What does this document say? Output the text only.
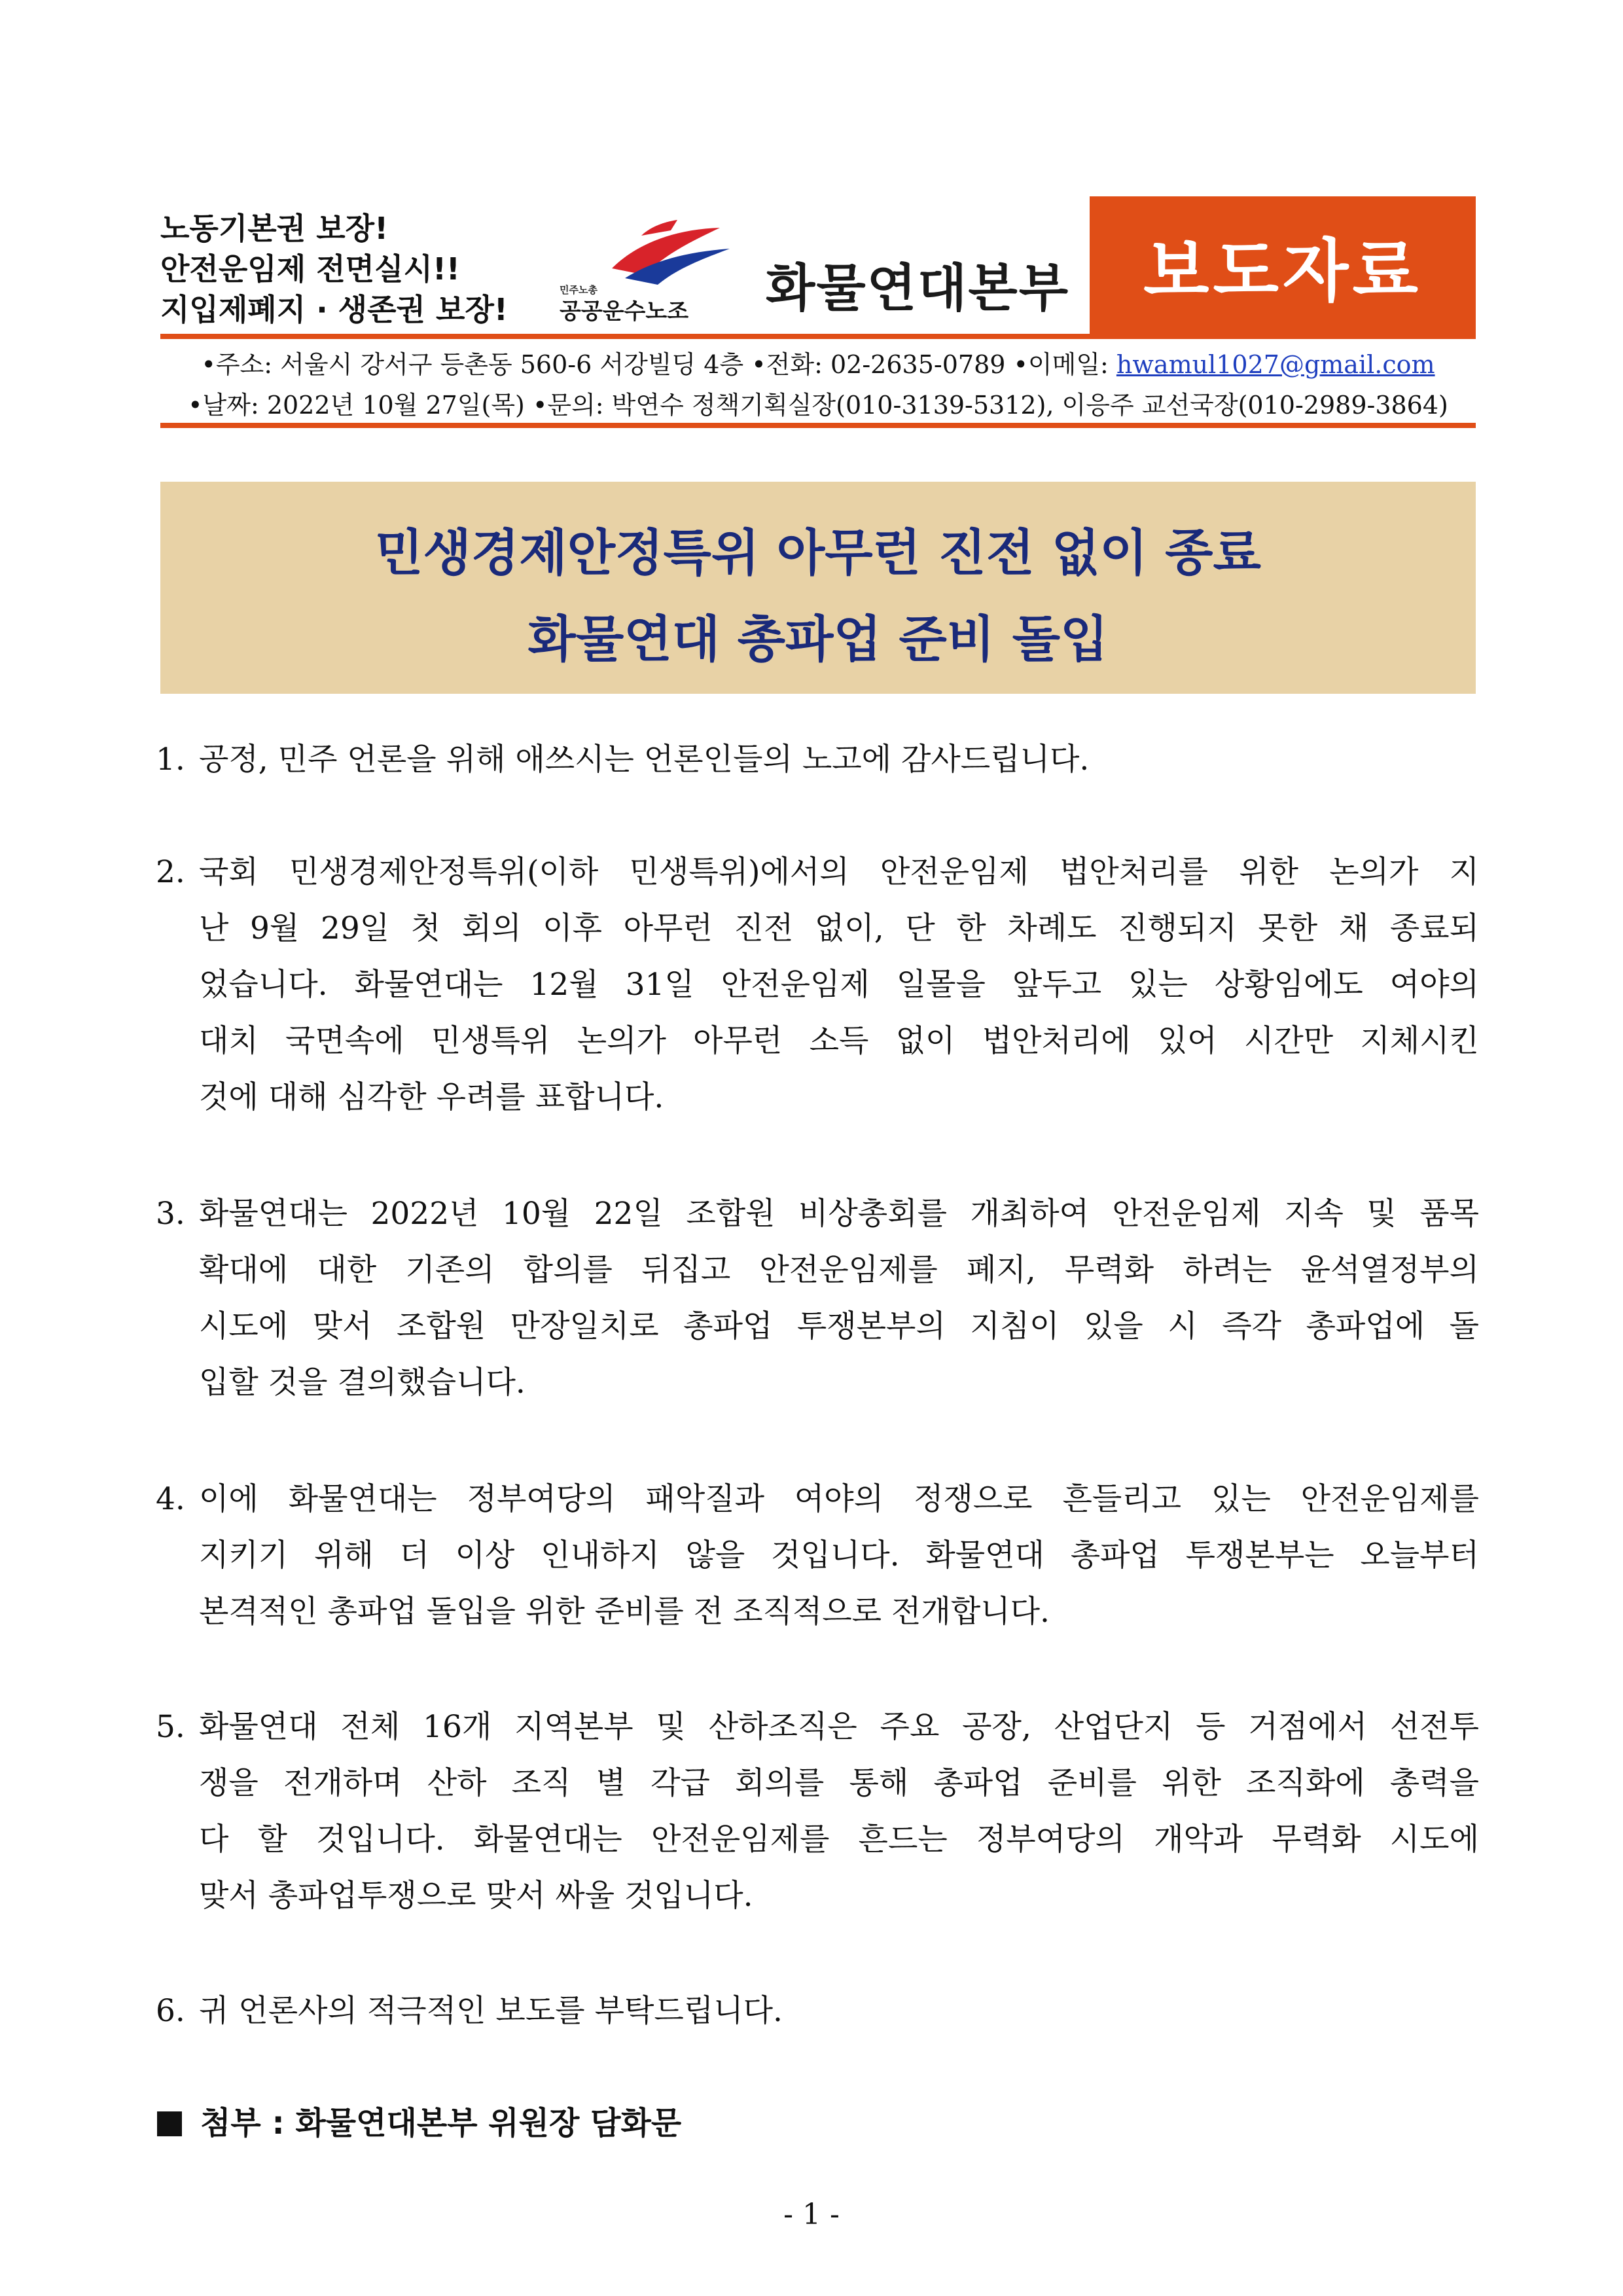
노동기본권 보장!
안전운임제 전면실시!!
지입제폐지 · 생존권 보장!
민주노총
공공운수노조 화물연대본부 보도자료
•주소: 서울시 강서구 등촌동 560-6 서강빌딩 4층 •전화: 02-2635-0789 •이메일: hwamul1027@gmail.com
•날짜: 2022년 10월 27일(목) •문의: 박연수 정책기획실장(010-3139-5312), 이응주 교선국장(010-2989-3864)
민생경제안정특위 아무런 진전 없이 종료
화물연대 총파업 준비 돌입
1. 공정, 민주 언론을 위해 애쓰시는 언론인들의 노고에 감사드립니다.
2. 국회 민생경제안정특위(이하 민생특위)에서의 안전운임제 법안처리를 위한 논의가 지
난 9월 29일 첫 회의 이후 아무런 진전 없이, 단 한 차례도 진행되지 못한 채 종료되
었습니다. 화물연대는 12월 31일 안전운임제 일몰을 앞두고 있는 상황임에도 여야의
대치 국면속에 민생특위 논의가 아무런 소득 없이 법안처리에 있어 시간만 지체시킨
것에 대해 심각한 우려를 표합니다.
3. 화물연대는 2022년 10월 22일 조합원 비상총회를 개최하여 안전운임제 지속 및 품목
확대에 대한 기존의 합의를 뒤집고 안전운임제를 폐지, 무력화 하려는 윤석열정부의
시도에 맞서 조합원 만장일치로 총파업 투쟁본부의 지침이 있을 시 즉각 총파업에 돌
입할 것을 결의했습니다.
4. 이에 화물연대는 정부여당의 패악질과 여야의 정쟁으로 흔들리고 있는 안전운임제를
지키기 위해 더 이상 인내하지 않을 것입니다. 화물연대 총파업 투쟁본부는 오늘부터
본격적인 총파업 돌입을 위한 준비를 전 조직적으로 전개합니다.
5. 화물연대 전체 16개 지역본부 및 산하조직은 주요 공장, 산업단지 등 거점에서 선전투
쟁을 전개하며 산하 조직 별 각급 회의를 통해 총파업 준비를 위한 조직화에 총력을
다 할 것입니다. 화물연대는 안전운임제를 흔드는 정부여당의 개악과 무력화 시도에
맞서 총파업투쟁으로 맞서 싸울 것입니다.
6. 귀 언론사의 적극적인 보도를 부탁드립니다.
첨부 : 화물연대본부 위원장 담화문
- 1 -
